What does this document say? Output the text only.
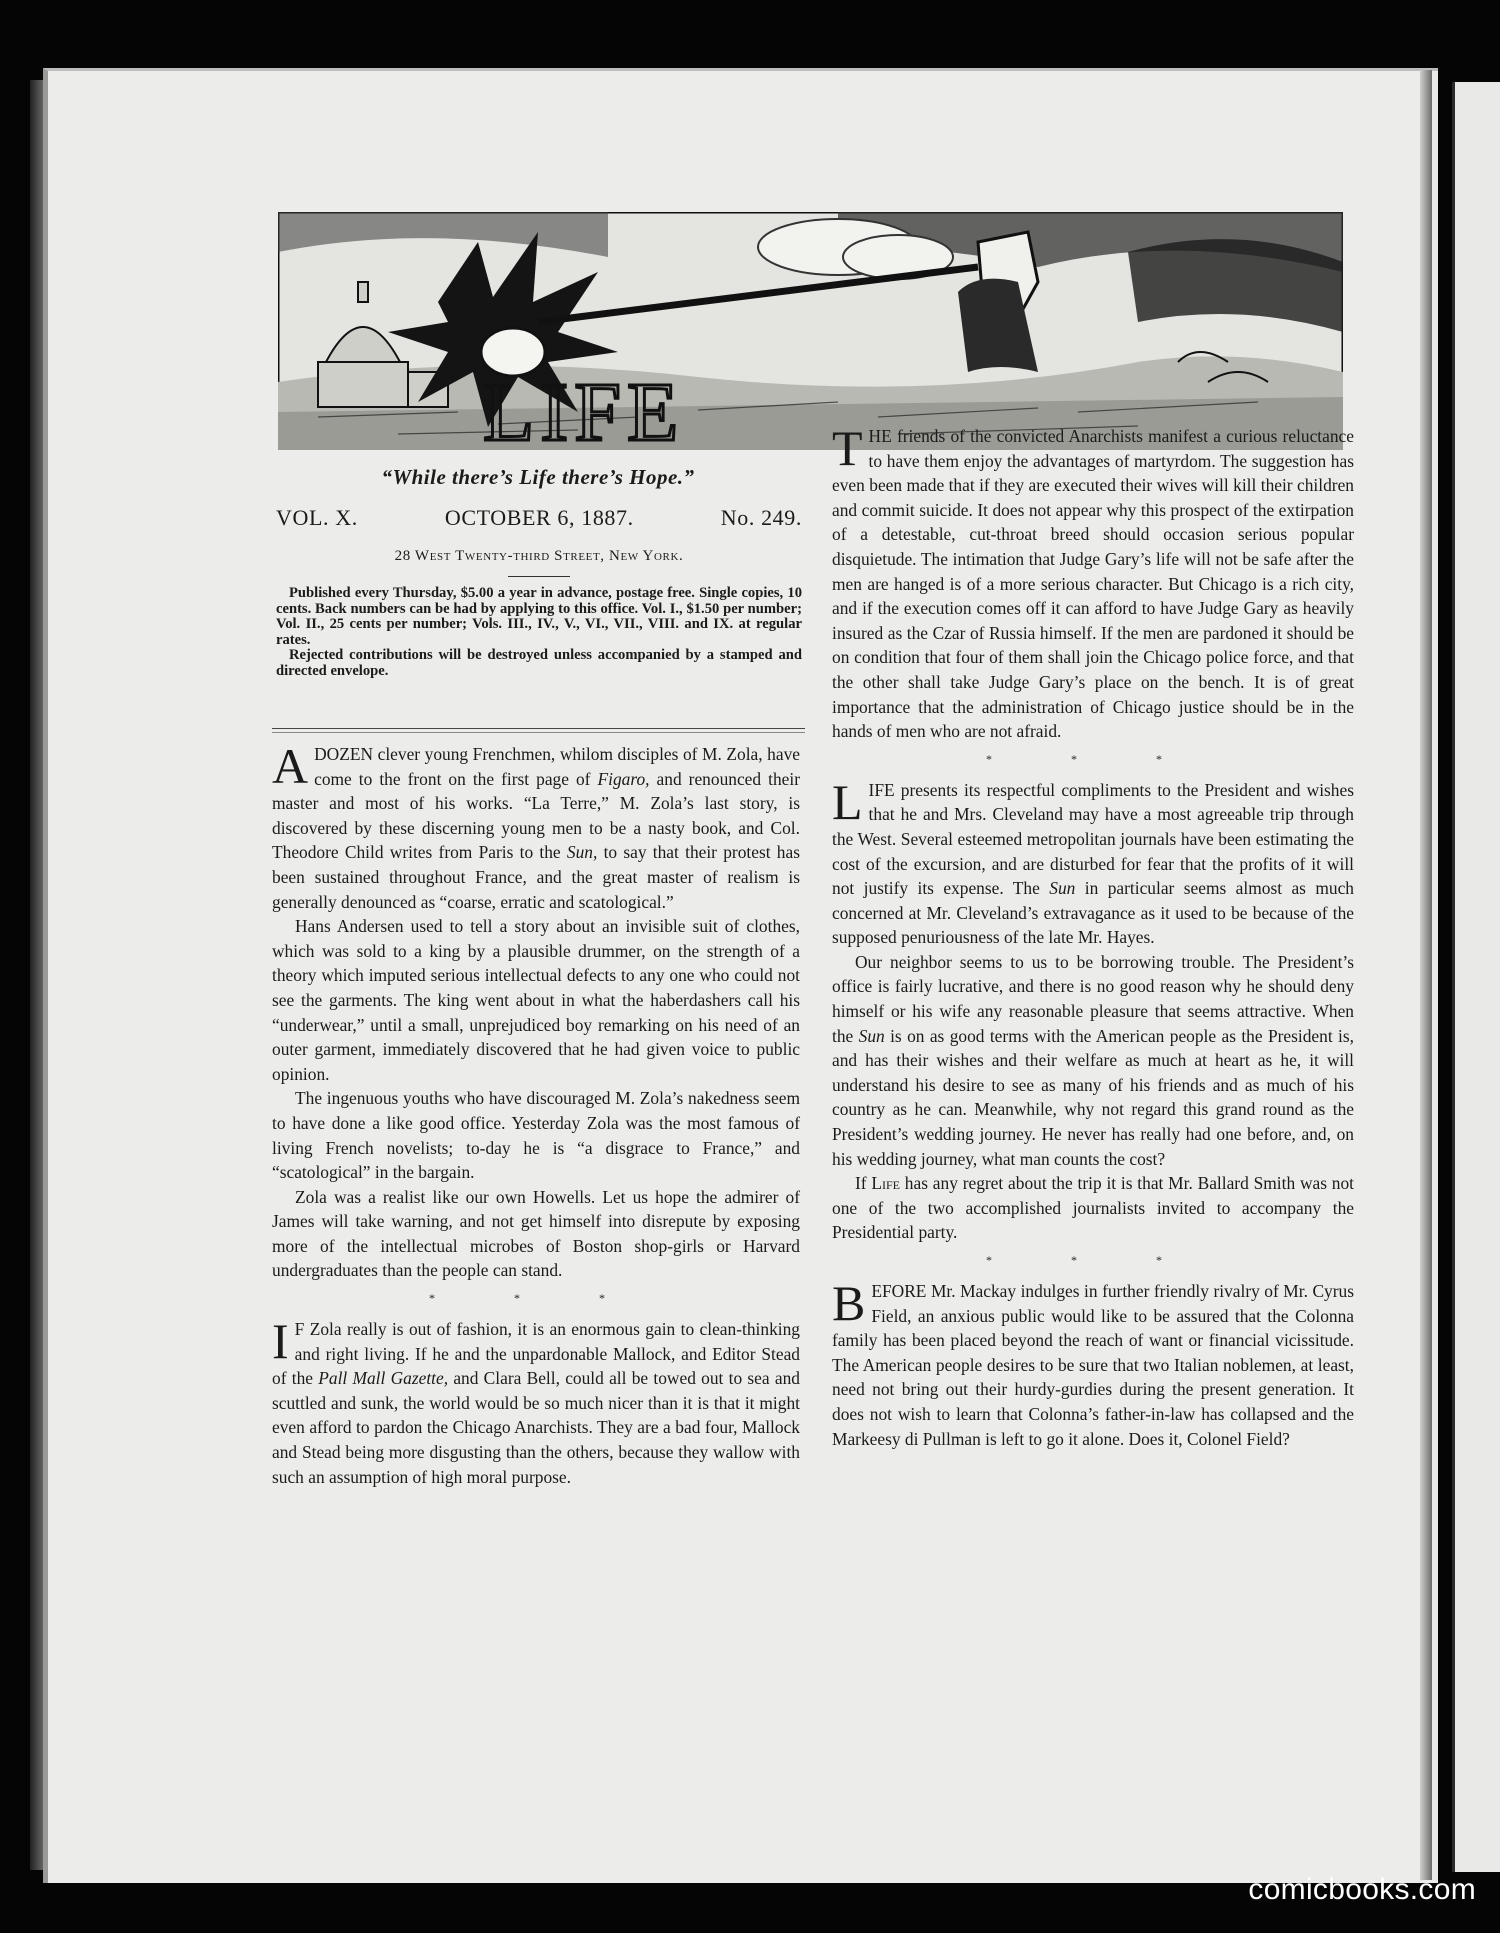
LIFE
“While there’s Life there’s Hope.”
VOL. X.	OCTOBER 6, 1887.	No. 249.
28 West Twenty-third Street, New York.

Published every Thursday, $5.00 a year in advance, postage free. Single copies, 10 cents. Back numbers can be had by applying to this office. Vol. I., $1.50 per number; Vol. II., 25 cents per number; Vols. III., IV., V., VI., VII., VIII. and IX. at regular rates.

Rejected contributions will be destroyed unless accompanied by a stamped and directed envelope.

A DOZEN clever young Frenchmen, whilom disciples of M. Zola, have come to the front on the first page of Figaro, and renounced their master and most of his works. “La Terre,” M. Zola’s last story, is discovered by these discerning young men to be a nasty book, and Col. Theodore Child writes from Paris to the Sun, to say that their protest has been sustained throughout France, and the great master of realism is generally denounced as “coarse, erratic and scatological.”

Hans Andersen used to tell a story about an invisible suit of clothes, which was sold to a king by a plausible drummer, on the strength of a theory which imputed serious intellectual defects to any one who could not see the garments. The king went about in what the haberdashers call his “underwear,” until a small, unprejudiced boy remarking on his need of an outer garment, immediately discovered that he had given voice to public opinion.

The ingenuous youths who have discouraged M. Zola’s nakedness seem to have done a like good office. Yesterday Zola was the most famous of living French novelists; to-day he is “a disgrace to France,” and “scatological” in the bargain.

Zola was a realist like our own Howells. Let us hope the admirer of James will take warning, and not get himself into disrepute by exposing more of the intellectual microbes of Boston shop-girls or Harvard undergraduates than the people can stand.

* * *

I F Zola really is out of fashion, it is an enormous gain to clean-thinking and right living. If he and the unpardonable Mallock, and Editor Stead of the Pall Mall Gazette, and Clara Bell, could all be towed out to sea and scuttled and sunk, the world would be so much nicer than it is that it might even afford to pardon the Chicago Anarchists. They are a bad four, Mallock and Stead being more disgusting than the others, because they wallow with such an assumption of high moral purpose.

THE friends of the convicted Anarchists manifest a curious reluctance to have them enjoy the advantages of martyrdom. The suggestion has even been made that if they are executed their wives will kill their children and commit suicide. It does not appear why this prospect of the extirpation of a detestable, cut-throat breed should occasion serious popular disquietude. The intimation that Judge Gary’s life will not be safe after the men are hanged is of a more serious character. But Chicago is a rich city, and if the execution comes off it can afford to have Judge Gary as heavily insured as the Czar of Russia himself. If the men are pardoned it should be on condition that four of them shall join the Chicago police force, and that the other shall take Judge Gary’s place on the bench. It is of great importance that the administration of Chicago justice should be in the hands of men who are not afraid.

* * *

LIFE presents its respectful compliments to the President and wishes that he and Mrs. Cleveland may have a most agreeable trip through the West. Several esteemed metropolitan journals have been estimating the cost of the excursion, and are disturbed for fear that the profits of it will not justify its expense. The Sun in particular seems almost as much concerned at Mr. Cleveland’s extravagance as it used to be because of the supposed penuriousness of the late Mr. Hayes.

Our neighbor seems to us to be borrowing trouble. The President’s office is fairly lucrative, and there is no good reason why he should deny himself or his wife any reasonable pleasure that seems attractive. When the Sun is on as good terms with the American people as the President is, and has their wishes and their welfare as much at heart as he, it will understand his desire to see as many of his friends and as much of his country as he can. Meanwhile, why not regard this grand round as the President’s wedding journey. He never has really had one before, and, on his wedding journey, what man counts the cost?

If Life has any regret about the trip it is that Mr. Ballard Smith was not one of the two accomplished journalists invited to accompany the Presidential party.

* * *

BEFORE Mr. Mackay indulges in further friendly rivalry of Mr. Cyrus Field, an anxious public would like to be assured that the Colonna family has been placed beyond the reach of want or financial vicissitude. The American people desires to be sure that two Italian noblemen, at least, need not bring out their hurdy-gurdies during the present generation. It does not wish to learn that Colonna’s father-in-law has collapsed and the Markeesy di Pullman is left to go it alone. Does it, Colonel Field?

comicbooks.com
